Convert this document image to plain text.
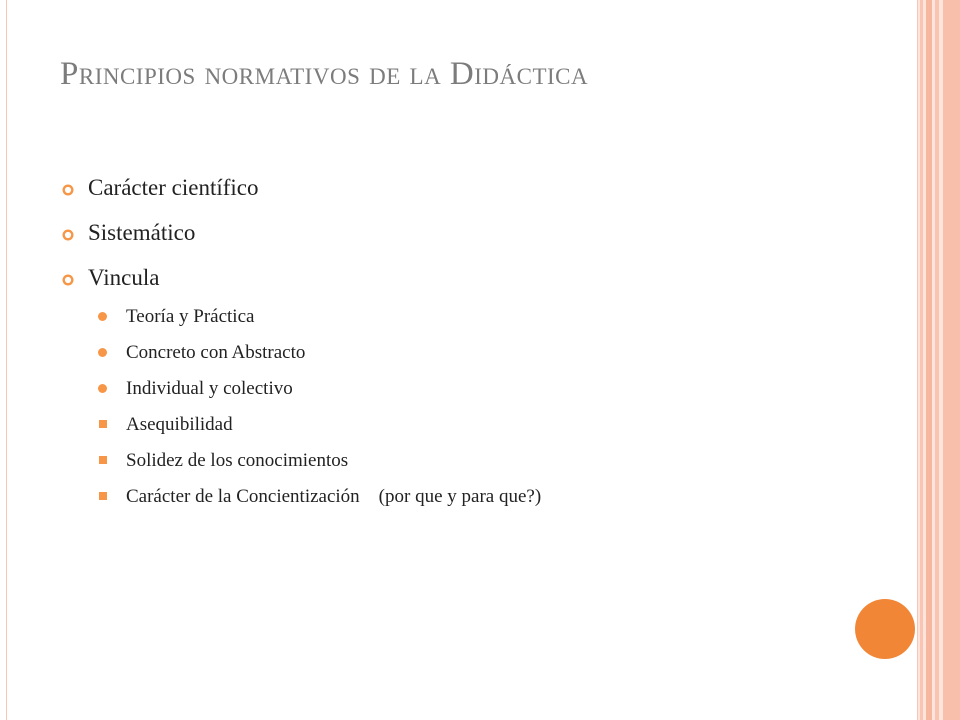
Principios normativos de la Didáctica
Carácter científico
Sistemático
Vincula
Teoría y Práctica
Concreto con Abstracto
Individual y colectivo
Asequibilidad
Solidez de los conocimientos
Carácter de la Concientización    (por que y para que?)
